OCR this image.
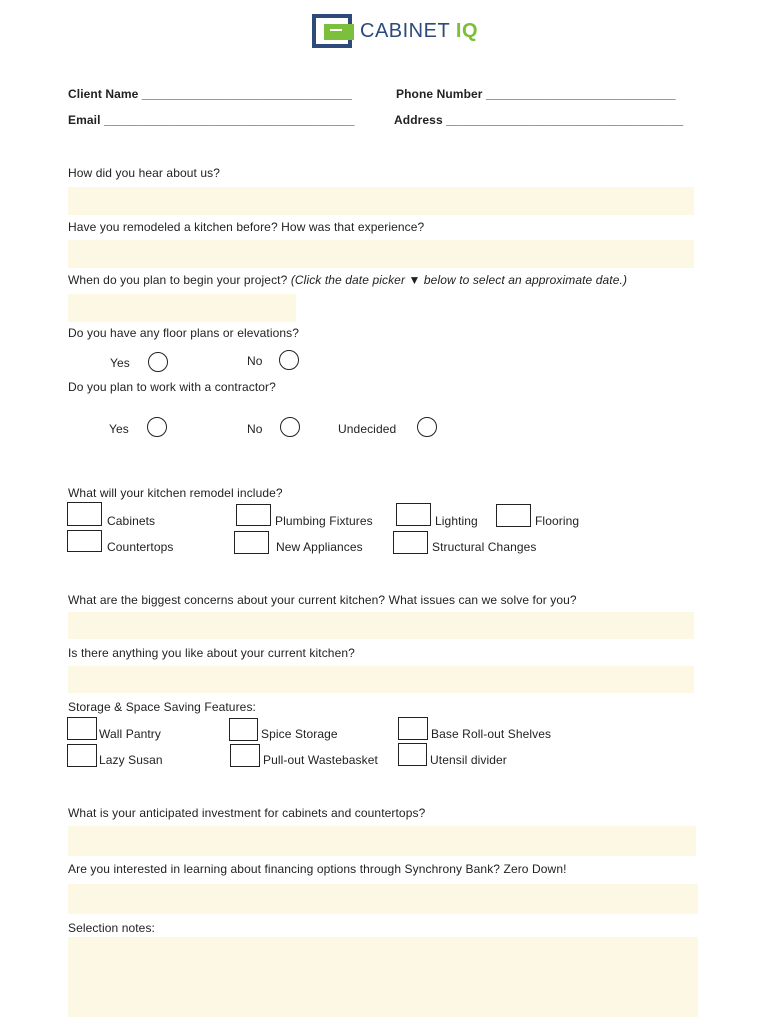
CABINET IQ
Client Name _______________________________	Phone Number ____________________________
Email _____________________________________	Address ___________________________________
How did you hear about us?
Have you remodeled a kitchen before? How was that experience?
When do you plan to begin your project? (Click the date picker ▼ below to select an approximate date.)
Do you have any floor plans or elevations?
Yes	No
Do you plan to work with a contractor?
Yes	No	Undecided
What will your kitchen remodel include?
Cabinets	Plumbing Fixtures	Lighting	Flooring
Countertops	New Appliances	Structural Changes
What are the biggest concerns about your current kitchen? What issues can we solve for you?
Is there anything you like about your current kitchen?
Storage & Space Saving Features:
Wall Pantry	Spice Storage	Base Roll-out Shelves
Lazy Susan	Pull-out Wastebasket	Utensil divider
What is your anticipated investment for cabinets and countertops?
Are you interested in learning about financing options through Synchrony Bank? Zero Down!
Selection notes:
